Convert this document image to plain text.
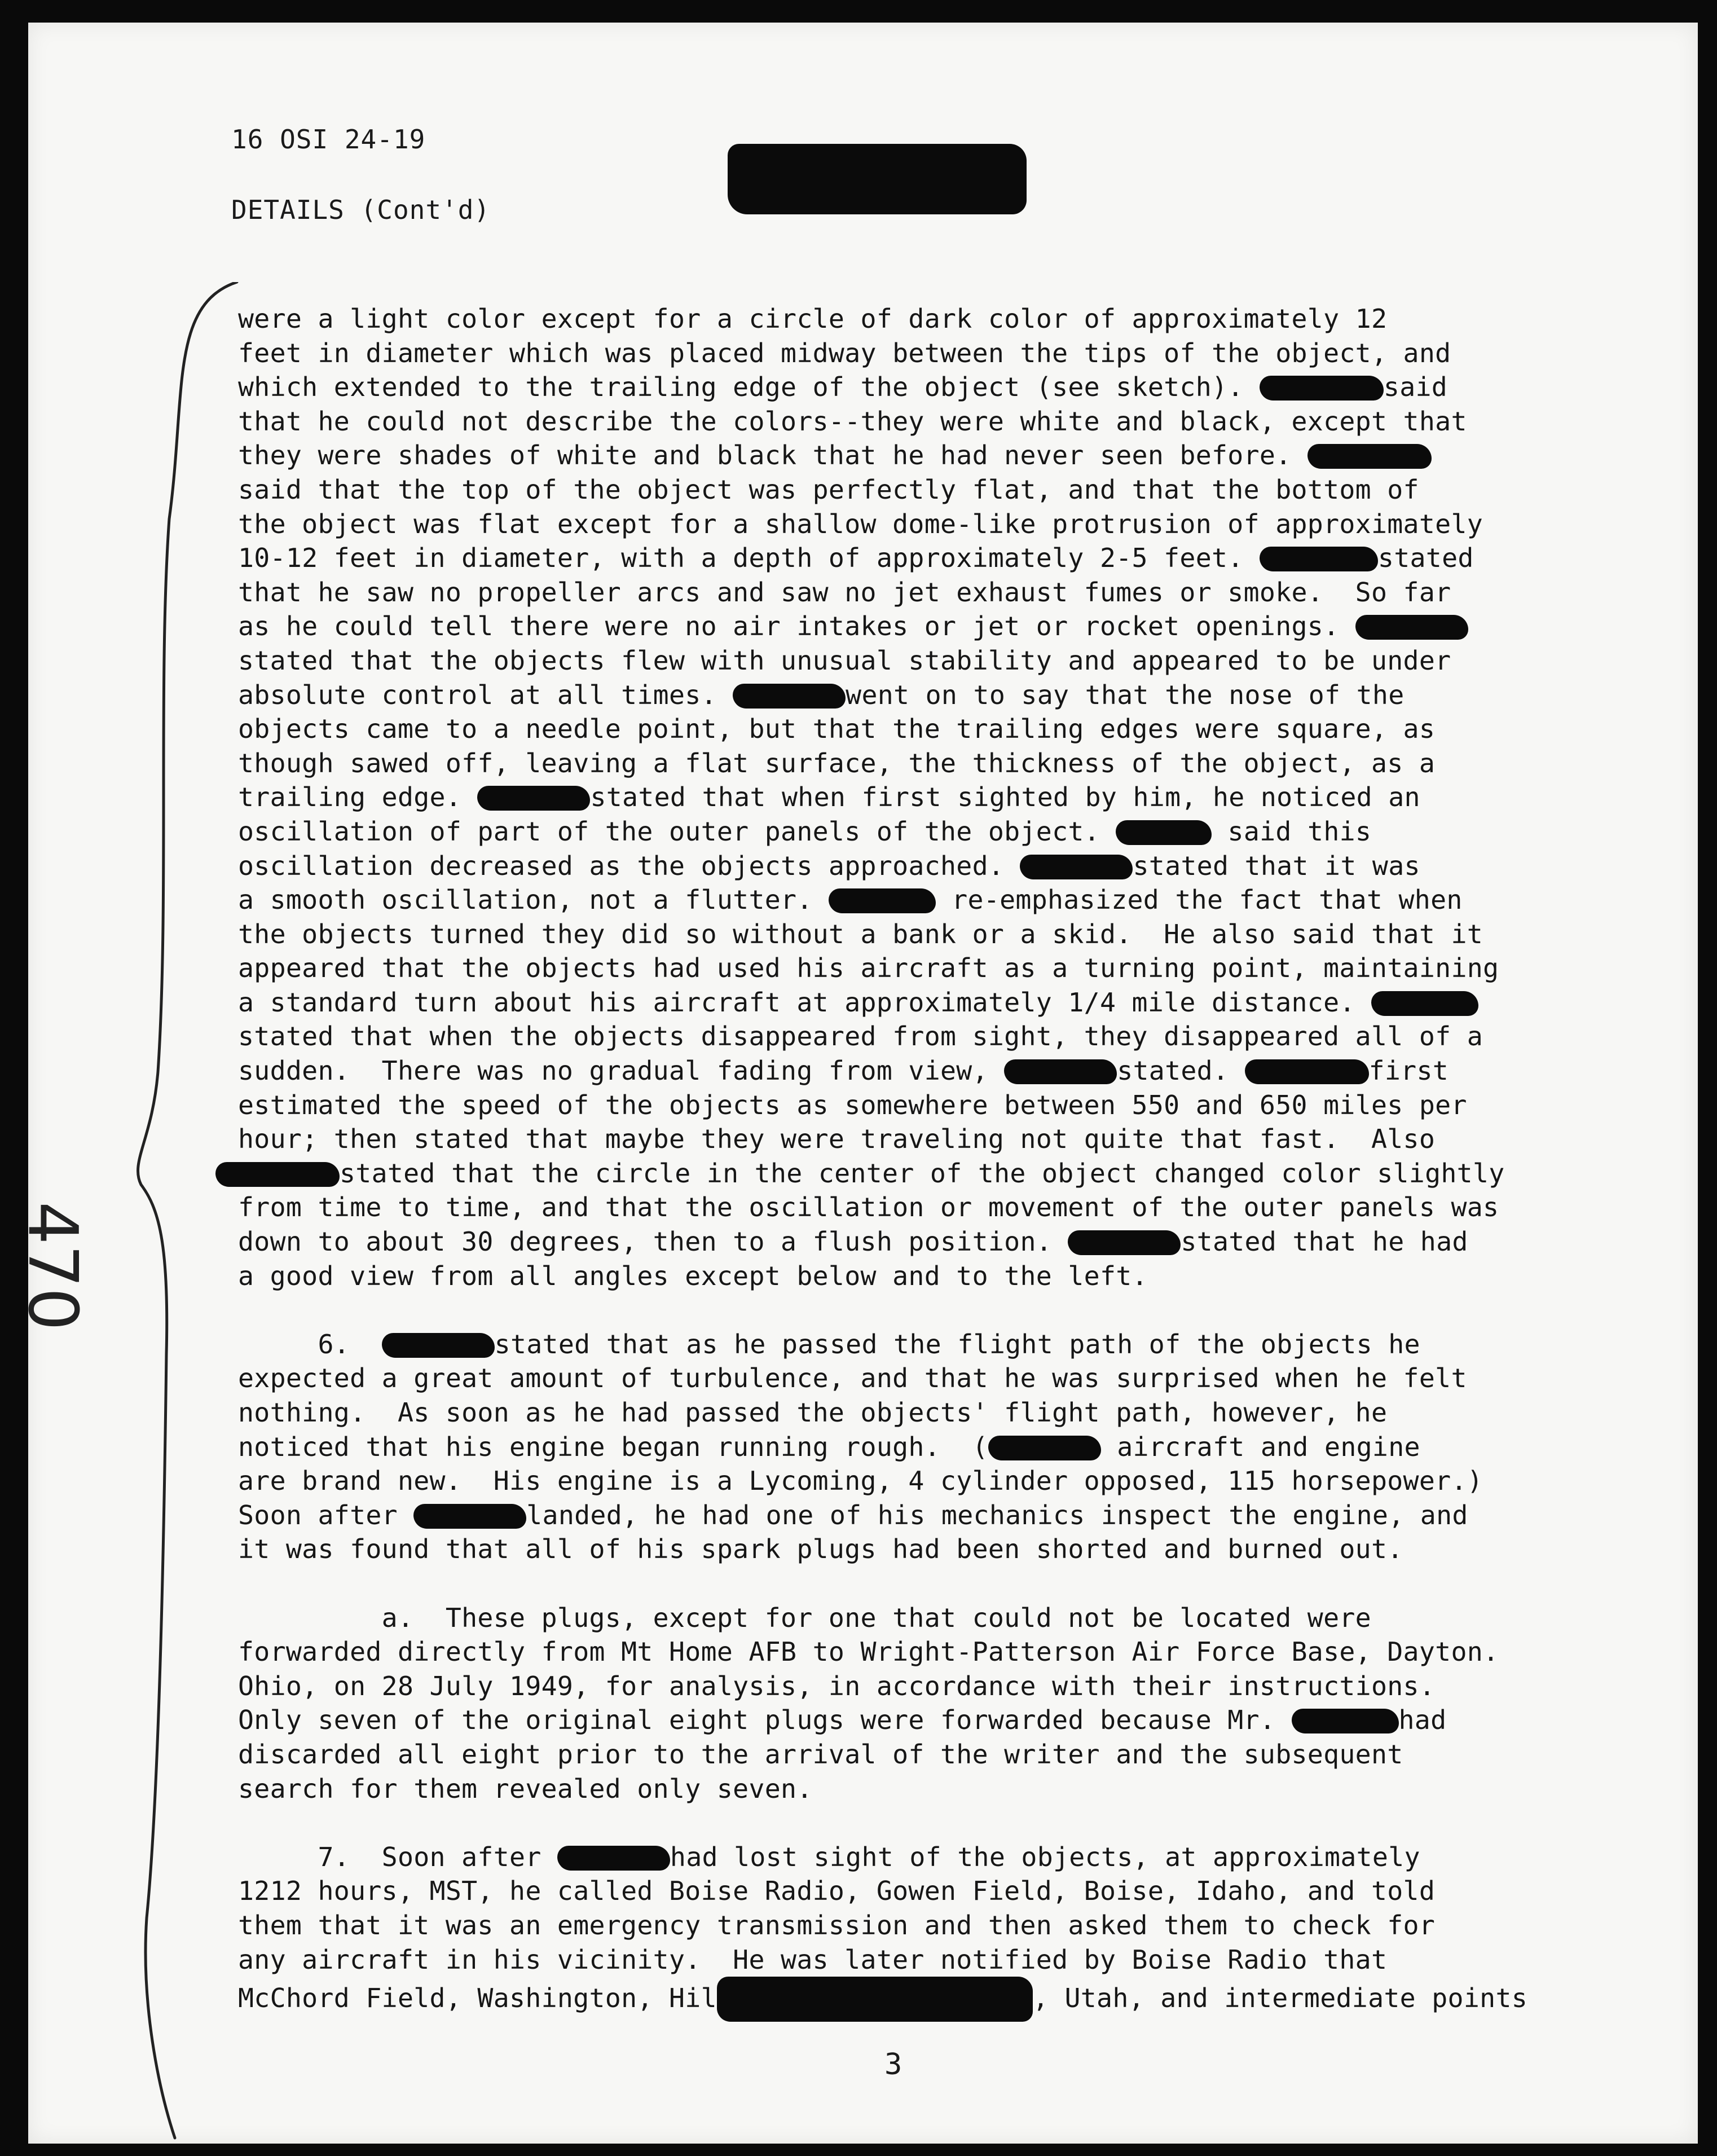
16 OSI 24-19
DETAILS (Cont'd)
470
were a light color except for a circle of dark color of approximately 12
feet in diameter which was placed midway between the tips of the object, and
which extended to the trailing edge of the object (see sketch).	said
that he could not describe the colors--they were white and black, except that
they were shades of white and black that he had never seen before.
said that the top of the object was perfectly flat, and that the bottom of
the object was flat except for a shallow dome-like protrusion of approximately
10-12 feet in diameter, with a depth of approximately 2-5 feet.	stated
that he saw no propeller arcs and saw no jet exhaust fumes or smoke.  So far
as he could tell there were no air intakes or jet or rocket openings.
stated that the objects flew with unusual stability and appeared to be under
absolute control at all times.	went on to say that the nose of the
objects came to a needle point, but that the trailing edges were square, as
though sawed off, leaving a flat surface, the thickness of the object, as a
trailing edge.	stated that when first sighted by him, he noticed an
oscillation of part of the outer panels of the object.	said this
oscillation decreased as the objects approached.	stated that it was
a smooth oscillation, not a flutter.	re-emphasized the fact that when
the objects turned they did so without a bank or a skid.  He also said that it
appeared that the objects had used his aircraft as a turning point, maintaining
a standard turn about his aircraft at approximately 1/4 mile distance.
stated that when the objects disappeared from sight, they disappeared all of a
sudden.  There was no gradual fading from view,	stated.	first
estimated the speed of the objects as somewhere between 550 and 650 miles per
hour; then stated that maybe they were traveling not quite that fast.  Also
stated that the circle in the center of the object changed color slightly
from time to time, and that the oscillation or movement of the outer panels was
down to about 30 degrees, then to a flush position.	stated that he had
a good view from all angles except below and to the left.

6.	stated that as he passed the flight path of the objects he
expected a great amount of turbulence, and that he was surprised when he felt
nothing.  As soon as he had passed the objects' flight path, however, he
noticed that his engine began running rough.  (	aircraft and engine
are brand new.  His engine is a Lycoming, 4 cylinder opposed, 115 horsepower.)
Soon after	landed, he had one of his mechanics inspect the engine, and
it was found that all of his spark plugs had been shorted and burned out.

a.  These plugs, except for one that could not be located were
forwarded directly from Mt Home AFB to Wright-Patterson Air Force Base, Dayton.
Ohio, on 28 July 1949, for analysis, in accordance with their instructions.
Only seven of the original eight plugs were forwarded because Mr.	had
discarded all eight prior to the arrival of the writer and the subsequent
search for them revealed only seven.

7.  Soon after	had lost sight of the objects, at approximately
1212 hours, MST, he called Boise Radio, Gowen Field, Boise, Idaho, and told
them that it was an emergency transmission and then asked them to check for
any aircraft in his vicinity.  He was later notified by Boise Radio that
McChord Field, Washington, Hil	, Utah, and intermediate points
3
